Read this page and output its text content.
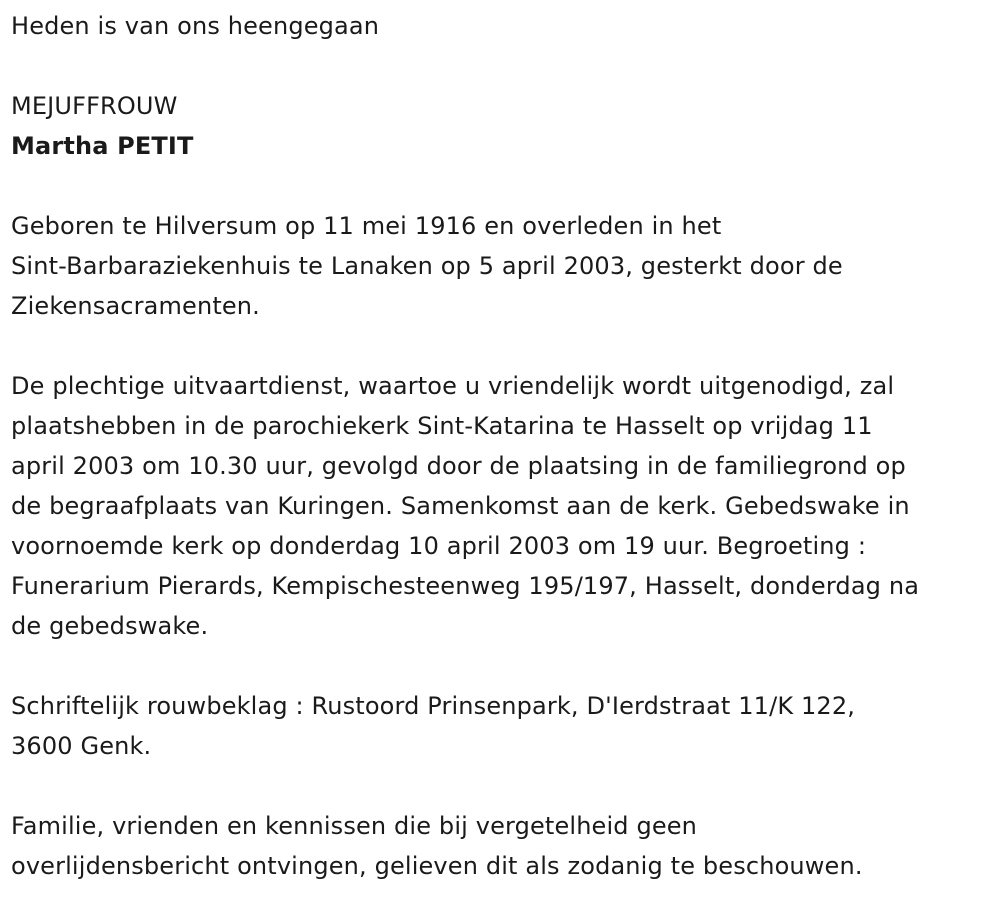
Heden is van ons heengegaan
MEJUFFROUW
Martha PETIT
Geboren te Hilversum op 11 mei 1916 en overleden in het
Sint-Barbaraziekenhuis te Lanaken op 5 april 2003, gesterkt door de
Ziekensacramenten.
De plechtige uitvaartdienst, waartoe u vriendelijk wordt uitgenodigd, zal
plaatshebben in de parochiekerk Sint-Katarina te Hasselt op vrijdag 11
april 2003 om 10.30 uur, gevolgd door de plaatsing in de familiegrond op
de begraafplaats van Kuringen. Samenkomst aan de kerk. Gebedswake in
voornoemde kerk op donderdag 10 april 2003 om 19 uur. Begroeting :
Funerarium Pierards, Kempischesteenweg 195/197, Hasselt, donderdag na
de gebedswake.
Schriftelijk rouwbeklag : Rustoord Prinsenpark, D'Ierdstraat 11/K 122,
3600 Genk.
Familie, vrienden en kennissen die bij vergetelheid geen
overlijdensbericht ontvingen, gelieven dit als zodanig te beschouwen.
